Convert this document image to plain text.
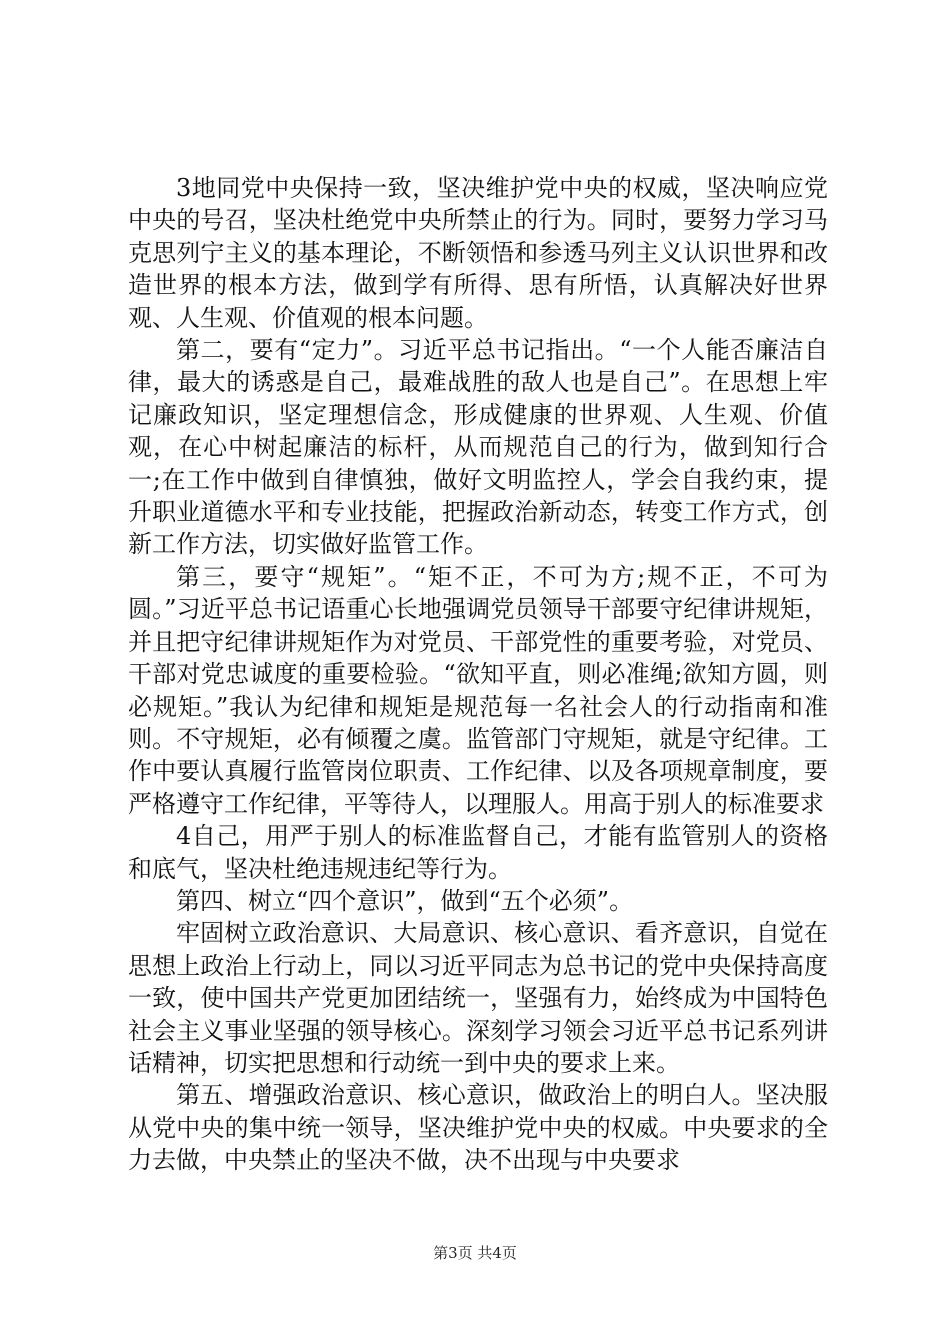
3地同党中央保持一致，坚决维护党中央的权威，坚决响应党中央的号召，坚决杜绝党中央所禁止的行为。同时，要努力学习马克思列宁主义的基本理论，不断领悟和参透马列主义认识世界和改造世界的根本方法，做到学有所得、思有所悟，认真解决好世界观、人生观、价值观的根本问题。

第二，要有“定力”。习近平总书记指出。“一个人能否廉洁自律，最大的诱惑是自己，最难战胜的敌人也是自己”。在思想上牢记廉政知识，坚定理想信念，形成健康的世界观、人生观、价值观，在心中树起廉洁的标杆，从而规范自己的行为，做到知行合一;在工作中做到自律慎独，做好文明监控人，学会自我约束，提升职业道德水平和专业技能，把握政治新动态，转变工作方式，创新工作方法，切实做好监管工作。

第三，要守“规矩”。“矩不正，不可为方;规不正，不可为圆。”习近平总书记语重心长地强调党员领导干部要守纪律讲规矩，并且把守纪律讲规矩作为对党员、干部党性的重要考验，对党员、干部对党忠诚度的重要检验。“欲知平直，则必准绳;欲知方圆，则必规矩。”我认为纪律和规矩是规范每一名社会人的行动指南和准则。不守规矩，必有倾覆之虞。监管部门守规矩，就是守纪律。工作中要认真履行监管岗位职责、工作纪律、以及各项规章制度，要严格遵守工作纪律，平等待人，以理服人。用高于别人的标准要求

4自己，用严于别人的标准监督自己，才能有监管别人的资格和底气，坚决杜绝违规违纪等行为。

第四、树立“四个意识”，做到“五个必须”。

牢固树立政治意识、大局意识、核心意识、看齐意识，自觉在思想上政治上行动上，同以习近平同志为总书记的党中央保持高度一致，使中国共产党更加团结统一，坚强有力，始终成为中国特色社会主义事业坚强的领导核心。深刻学习领会习近平总书记系列讲话精神，切实把思想和行动统一到中央的要求上来。

第五、增强政治意识、核心意识，做政治上的明白人。坚决服从党中央的集中统一领导，坚决维护党中央的权威。中央要求的全力去做，中央禁止的坚决不做，决不出现与中央要求

第3页 共4页
